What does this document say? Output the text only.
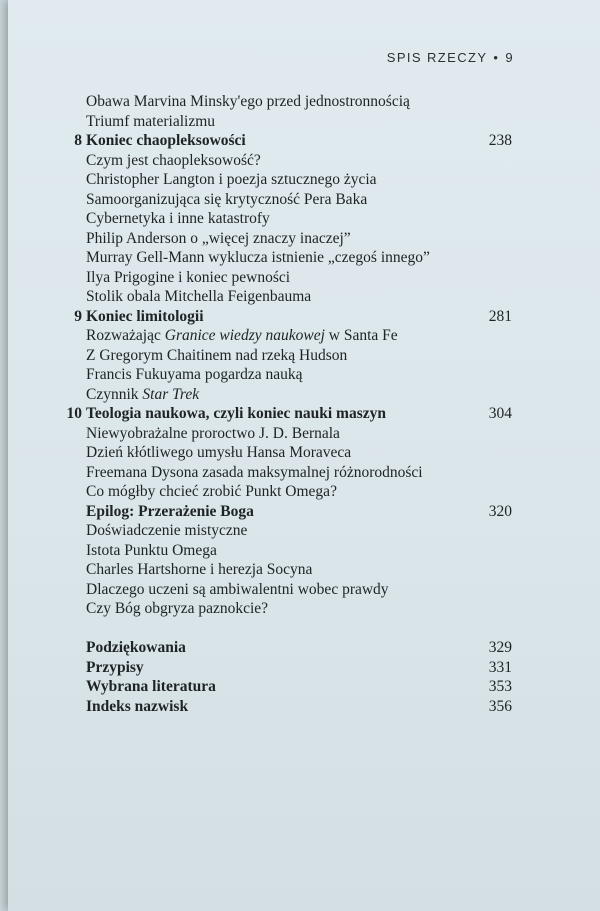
SPIS RZECZY • 9
Obawa Marvina Minsky'ego przed jednostronnością
Triumf materializmu
8 Koniec chaopleksowości	238
Czym jest chaopleksowość?
Christopher Langton i poezja sztucznego życia
Samoorganizująca się krytyczność Pera Baka
Cybernetyka i inne katastrofy
Philip Anderson o „więcej znaczy inaczej”
Murray Gell-Mann wyklucza istnienie „czegoś innego”
Ilya Prigogine i koniec pewności
Stolik obala Mitchella Feigenbauma
9 Koniec limitologii	281
Rozważając Granice wiedzy naukowej w Santa Fe
Z Gregorym Chaitinem nad rzeką Hudson
Francis Fukuyama pogardza nauką
Czynnik Star Trek
10 Teologia naukowa, czyli koniec nauki maszyn	304
Niewyobrażalne proroctwo J. D. Bernala
Dzień kłótliwego umysłu Hansa Moraveca
Freemana Dysona zasada maksymalnej różnorodności
Co mógłby chcieć zrobić Punkt Omega?
Epilog: Przerażenie Boga	320
Doświadczenie mistyczne
Istota Punktu Omega
Charles Hartshorne i herezja Socyna
Dlaczego uczeni są ambiwalentni wobec prawdy
Czy Bóg obgryza paznokcie?
Podziękowania	329
Przypisy	331
Wybrana literatura	353
Indeks nazwisk	356
